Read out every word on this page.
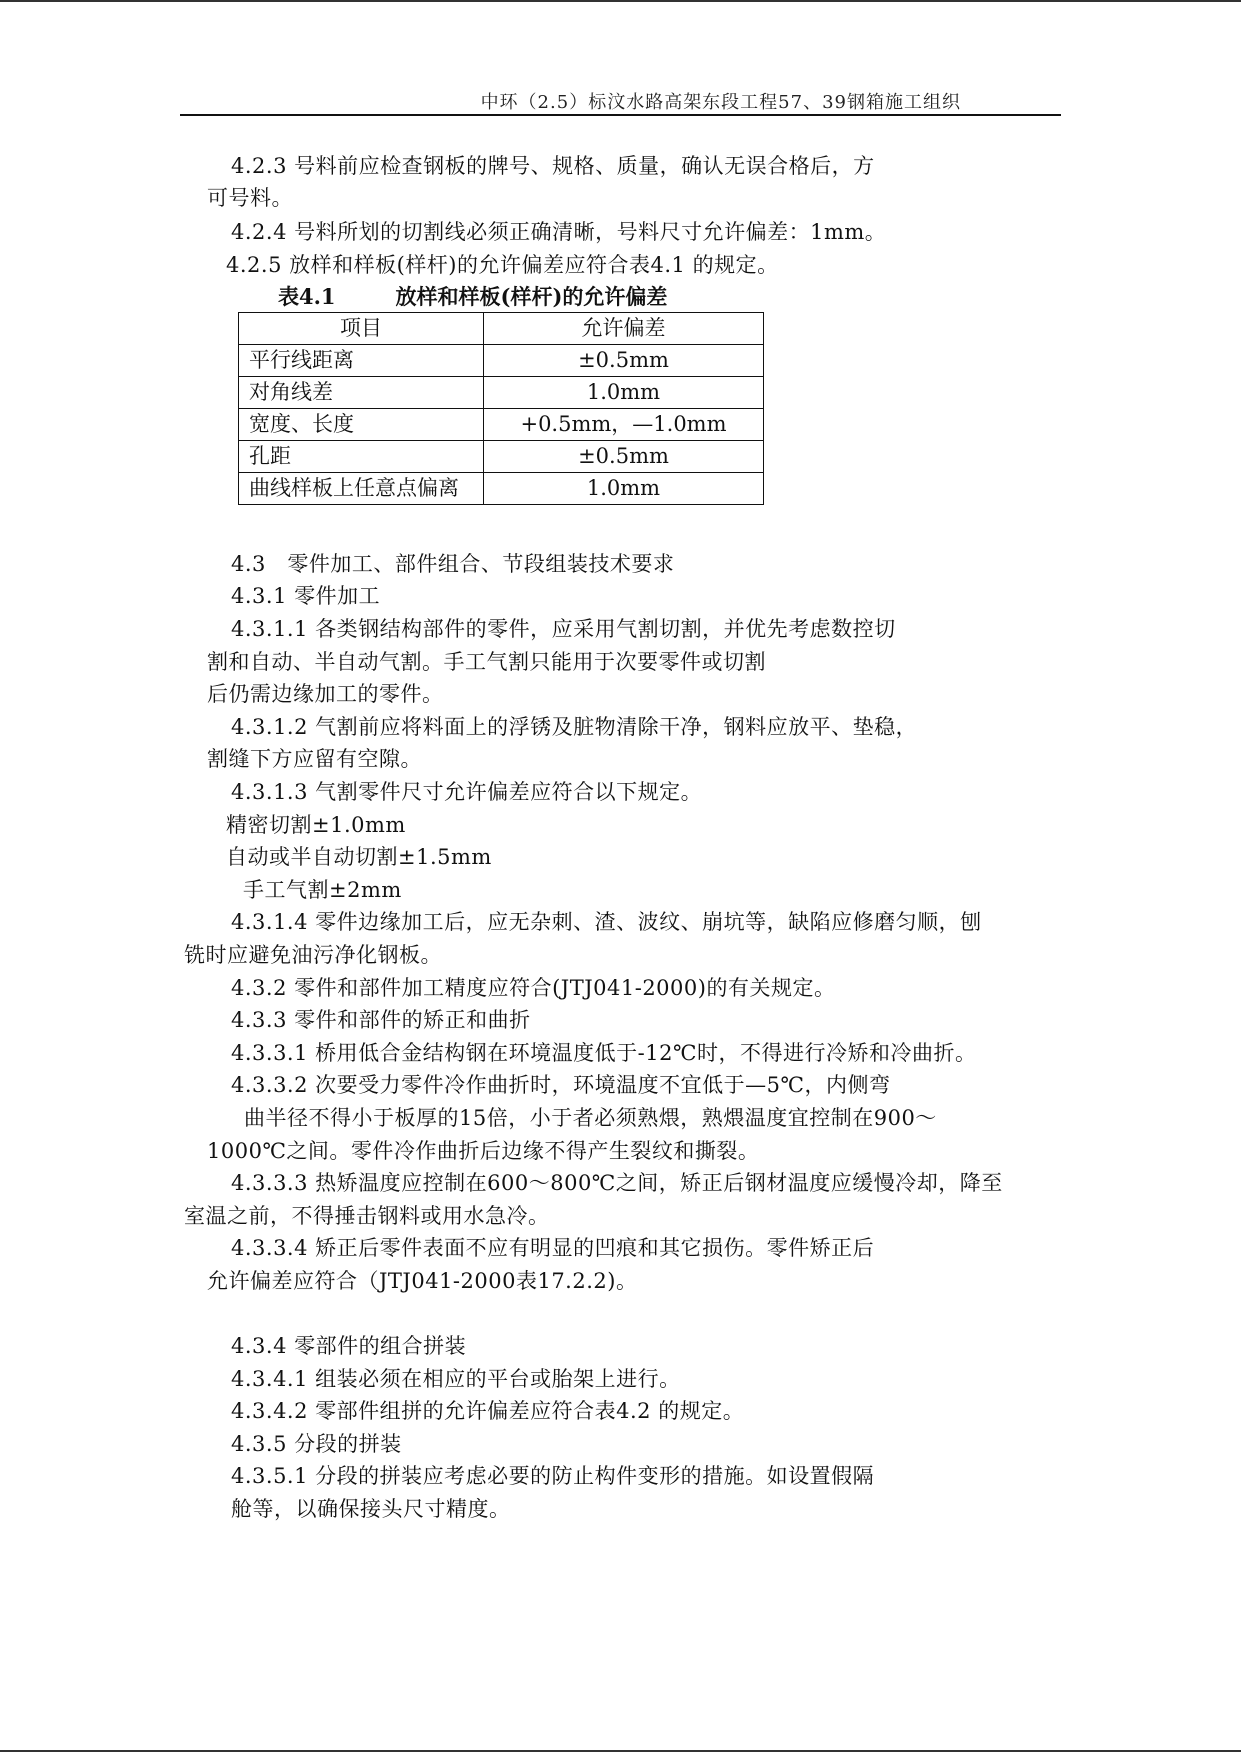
中环（2.5）标汶水路高架东段工程57、39钢箱施工组织
4.2.3 号料前应检查钢板的牌号、规格、质量，确认无误合格后，方
可号料。
4.2.4 号料所划的切割线必须正确清晰，号料尺寸允许偏差：1mm。
4.2.5 放样和样板(样杆)的允许偏差应符合表4.1 的规定。
表4.1	放样和样板(样杆)的允许偏差
项目	允许偏差
平行线距离	±0.5mm
对角线差	1.0mm
宽度、长度	+0.5mm，—1.0mm
孔距	±0.5mm
曲线样板上任意点偏离	1.0mm
4.3　零件加工、部件组合、节段组装技术要求
4.3.1 零件加工
4.3.1.1 各类钢结构部件的零件，应采用气割切割，并优先考虑数控切
割和自动、半自动气割。手工气割只能用于次要零件或切割
后仍需边缘加工的零件。
4.3.1.2 气割前应将料面上的浮锈及脏物清除干净，钢料应放平、垫稳，
割缝下方应留有空隙。
4.3.1.3 气割零件尺寸允许偏差应符合以下规定。
精密切割±1.0mm
自动或半自动切割±1.5mm
手工气割±2mm
4.3.1.4 零件边缘加工后，应无杂刺、渣、波纹、崩坑等，缺陷应修磨匀顺，刨
铣时应避免油污净化钢板。
4.3.2 零件和部件加工精度应符合(JTJ041-2000)的有关规定。
4.3.3 零件和部件的矫正和曲折
4.3.3.1 桥用低合金结构钢在环境温度低于-12℃时，不得进行冷矫和冷曲折。
4.3.3.2 次要受力零件冷作曲折时，环境温度不宜低于—5℃，内侧弯
曲半径不得小于板厚的15倍，小于者必须熟煨，熟煨温度宜控制在900～
1000℃之间。零件冷作曲折后边缘不得产生裂纹和撕裂。
4.3.3.3 热矫温度应控制在600～800℃之间，矫正后钢材温度应缓慢冷却，降至
室温之前，不得捶击钢料或用水急冷。
4.3.3.4 矫正后零件表面不应有明显的凹痕和其它损伤。零件矫正后
允许偏差应符合（JTJ041-2000表17.2.2)。
4.3.4 零部件的组合拼装
4.3.4.1 组装必须在相应的平台或胎架上进行。
4.3.4.2 零部件组拼的允许偏差应符合表4.2 的规定。
4.3.5 分段的拼装
4.3.5.1 分段的拼装应考虑必要的防止构件变形的措施。如设置假隔
舱等，以确保接头尺寸精度。
